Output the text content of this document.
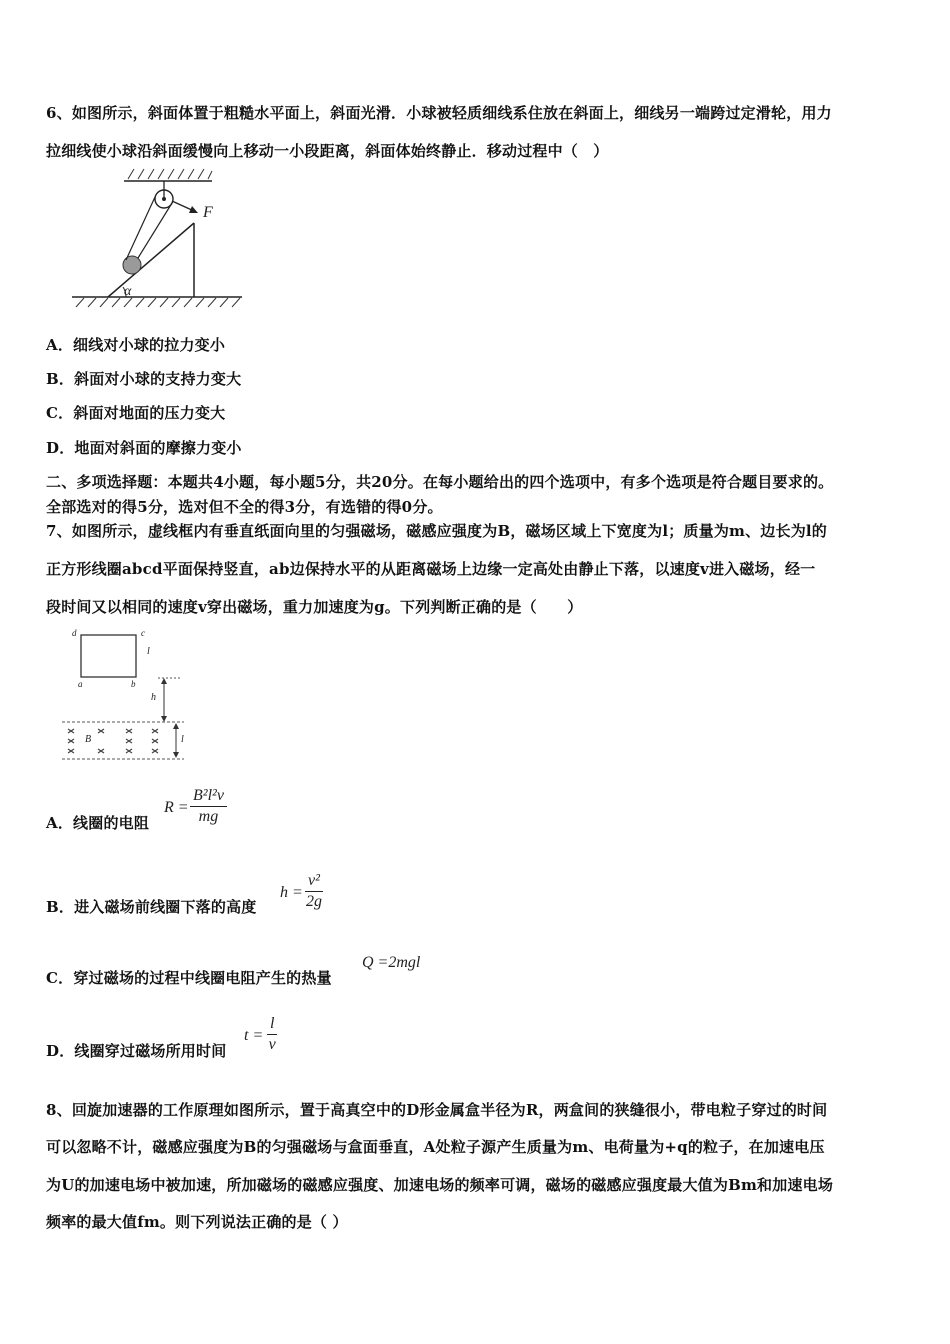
6、如图所示，斜面体置于粗糙水平面上，斜面光滑．小球被轻质细线系住放在斜面上，细线另一端跨过定滑轮，用力
拉细线使小球沿斜面缓慢向上移动一小段距离，斜面体始终静止．移动过程中（　）
F
α
A．细线对小球的拉力变小
B．斜面对小球的支持力变大
C．斜面对地面的压力变大
D．地面对斜面的摩擦力变小
二、多项选择题：本题共4小题，每小题5分，共20分。在每小题给出的四个选项中，有多个选项是符合题目要求的。
全部选对的得5分，选对但不全的得3分，有选错的得0分。
7、如图所示，虚线框内有垂直纸面向里的匀强磁场，磁感应强度为B，磁场区域上下宽度为l；质量为m、边长为l的
正方形线圈abcd平面保持竖直，ab边保持水平的从距离磁场上边缘一定高处由静止下落，以速度v进入磁场，经一
段时间又以相同的速度v穿出磁场，重力加速度为g。下列判断正确的是（　　）
d	c
a	b
l
h
B	l
A．线圈的电阻
$R = \frac{\text{B²l²v}}{mg}$
B．进入磁场前线圈下落的高度
$h = \frac{\text{v²}}{2g}$
C．穿过磁场的过程中线圈电阻产生的热量
Q =2mgl
D．线圈穿过磁场所用时间
$t = \frac{l}{v}$
8、回旋加速器的工作原理如图所示，置于高真空中的D形金属盒半径为R，两盒间的狭缝很小，带电粒子穿过的时间
可以忽略不计，磁感应强度为B的匀强磁场与盒面垂直，A处粒子源产生质量为m、电荷量为+q的粒子，在加速电压
为U的加速电场中被加速，所加磁场的磁感应强度、加速电场的频率可调，磁场的磁感应强度最大值为Bm和加速电场
频率的最大值fm。则下列说法正确的是（ ）
